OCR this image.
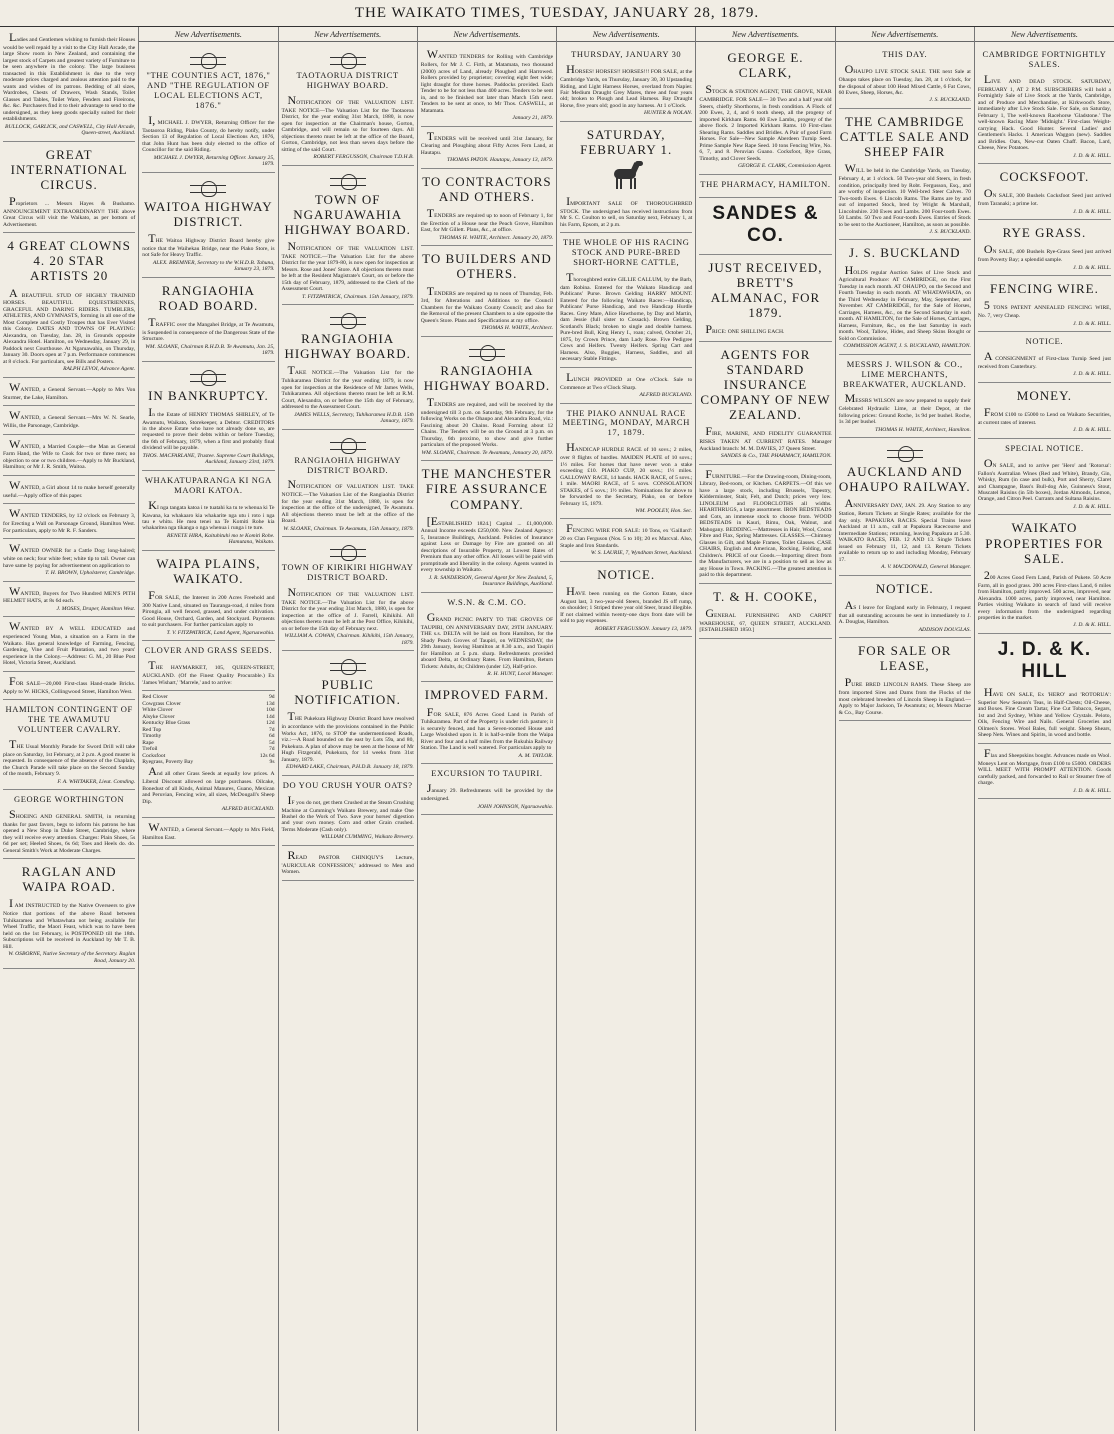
THE WAIKATO TIMES, TUESDAY, JANUARY 28, 1879.
Ladies and Gentlemen wishing to furnish their Houses would be well repaid by a visit to the City Hall Arcade, the large Show room in New Zealand, and containing the largest stock of Carpets and greatest variety of Furniture to be seen anywhere in the colony. The large business transacted in this Establishment is due to the very moderate prices charged and zealous attention paid to the wants and wishes of its patrons. Bedding of all sizes, Wardrobes, Chests of Drawers, Wash Stands, Toilet Glasses and Tables, Toilet Ware, Fenders and Fireirons, &c. &c. Purchasers find it to their advantage to send to the undersigned, as they keep goods specially suited for their establishments.
BULLOCK, GARLICK, and CASWELL, City Hall Arcade, Queen-street, Auckland.
GREAT INTERNATIONAL CIRCUS.
Proprietors ... Messrs Hayes & Bushamo. ANNOUNCEMENT EXTRAORDINARY!! THE above Great Circus will visit the Waikato, as per bottom of Advertisement.
4 GREAT CLOWNS 4. 20 STAR ARTISTS 20
A BEAUTIFUL STUD OF HIGHLY TRAINED HORSES. BEAUTIFUL EQUESTRIENNES, GRACEFUL AND DARING RIDERS. TUMBLERS, ATHLETES, AND GYMNASTS, forming in all one of the Most Complete and Costly Troupes that has Ever Visited this Colony. DATES AND TOWNS OF PLAYING: Alexandra, on Tuesday, Jan. 28, in Grounds opposite Alexandra Hotel. Hamilton, on Wednesday, January 29, in Paddock next Courthouse. At Ngaruawahia, on Thursday, January 30. Doors open at 7 p.m. Performance commences at 8 o'clock. For particulars, see Bills and Posters.
RALPH LEVOI, Advance Agent.
WANTED, a General Servant.—Apply to Mrs Von Sturmer, the Lake, Hamilton.
WANTED, a General Servant.—Mrs W. N. Searle, Willis, the Parsonage, Cambridge.
WANTED, a Married Couple—the Man as General Farm Hand, the Wife to Cook for two or three men; no objection to one or two children.—Apply to Mr Buckland, Hamilton; or Mr J. R. Smith, Waitoa.
WANTED, a Girl about 14 to make herself generally useful.—Apply office of this paper.
WANTED TENDERS, by 12 o'clock on February 3, for Erecting a Wall on Parsonage Ground, Hamilton West. For particulars, apply to Mr R. F. Sanders.
WANTED OWNER for a Cattle Dog; long-haired; white on neck; four white feet; white tip to tail. Owner can have same by paying for advertisement on application to
T. H. BROWN, Upholsterer, Cambridge.
WANTED, Buyers for Two Hundred MEN'S PITH HELMET HATS, at 8s 6d each.
J. MOSES, Draper, Hamilton West.
WANTED BY A WELL EDUCATED and experienced Young Man, a situation on a Farm in the Waikato. Has general knowledge of Farming, Fencing, Gardening, Vine and Fruit Plantation, and two years' experience in the Colony.—Address: G. M., 20 Blue Post Hotel, Victoria Street, Auckland.
FOR SALE—20,000 First-class Hand-made Bricks. Apply to W. HICKS, Collingwood Street, Hamilton West.
HAMILTON CONTINGENT OF THE TE AWAMUTU VOLUNTEER CAVALRY.
THE Usual Monthly Parade for Sword Drill will take place on Saturday, 1st February, at 2 p.m. A good muster is requested. In consequence of the absence of the Chaplain, the Church Parade will take place on the Second Sunday of the month, February 9.
F. A. WHITAKER, Lieut. Comding.
GEORGE WORTHINGTON
SHOEING AND GENERAL SMITH, in returning thanks for past favors, begs to inform his patrons he has opened a New Shop in Duke Street, Cambridge, where they will receive every attention. Charges: Plain Shoes, 5s 6d per set; Heeled Shoes, 6s 6d; Toes and Heels do. do. General Smith's Work at Moderate Charges.
RAGLAN AND WAIPA ROAD.
I AM INSTRUCTED by the Native Overseers to give Notice that portions of the above Road between Tuhikaramea and Whatawhata not being available for Wheel Traffic, the Maori Feast, which was to have been held on the 1st February, is POSTPONED till the 18th. Subscriptions will be received in Auckland by Mr T. B. Hill.
W. OSBORNE, Native Secretary of the Secretary. Raglan Road, January 20.
New Advertisements.
"THE COUNTIES ACT, 1876," AND "THE REGULATION OF LOCAL ELECTIONS ACT, 1876."
I, MICHAEL J. DWYER, Returning Officer for the Taotaoroa Riding, Piako County, do hereby notify, under Section 13 of Regulation of Local Elections Act, 1876, that John Hunt has been duly elected to the office of Councillor for the said Riding.
MICHAEL J. DWYER, Returning Officer. January 25, 1879.
WAITOA HIGHWAY DISTRICT.
THE Waitoa Highway District Board hereby give notice that the Waihekau Bridge, near the Piako Store, is not Safe for Heavy Traffic.
ALEX. BREMNER, Secretary to the W.H.D.B. Tahuna, January 23, 1879.
RANGIAOHIA ROAD BOARD.
TRAFFIC over the Mangahei Bridge, at Te Awamutu, is Suspended in consequence of the Dangerous State of the Structure.
WM. SLOANE, Chairman R.H.D.B. Te Awamutu, Jan. 25, 1879.
IN BANKRUPTCY.
In the Estate of HENRY THOMAS SHIRLEY, of Te Awamutu, Waikato, Storekeeper, a Debtor. CREDITORS in the above Estate who have not already done so, are requested to prove their debts within or before Tuesday, the 6th of February, 1879, when a first and probably final dividend will be payable.
THOS. MACFARLANE, Trustee. Supreme Court Buildings, Auckland, January 23rd, 1879.
WHAKATUPARANGA KI NGA MAORI KATOA.
KI nga tangata katoa i te tuatahi ka tu te whenua ki Te Kawana, ka whakaaro kia whakarite nga utu i roto i nga tau e whitu. He mea tenei na Te Komiti Rohe kia whakaritea nga tikanga o nga whenua i runga i te ture.
RENETE HIRA, Kaituhituhi mo te Komiti Rohe. Hamutana, Waikato.
WAIPA PLAINS, WAIKATO.
FOR SALE, the Interest in 200 Acres Freehold and 300 Native Land, situated on Tauranga-road, 4 miles from Pirongia, all well fenced, grassed, and under cultivation. Good House, Orchard, Garden, and Stockyard. Payments to suit purchasers. For further particulars apply to
T. V. FITZPATRICK, Land Agent, Ngaruawahia.
CLOVER AND GRASS SEEDS.
THE HAYMARKET, 105, QUEEN-STREET, AUCKLAND. (Of the Finest Quality Procurable.) Ex 'James Wishart,' 'Marrele,' and to arrive:
Red Clover	9d
Cowgrass Clover	13d
White Clover	10d
Alsyke Clover	14d
Kentucky Blue Grass	12d
Red Top	7d
Timothy	6d
Rape	5d
Trefoil	7d
Cocksfoot	12s 6d
Ryegrass, Poverty Bay	9s
And all other Grass Seeds at equally low prices. A Liberal Discount allowed on large purchases. Oilcake, Bonedust of all Kinds, Animal Manures, Guano, Mexican and Peruvian, Fencing wire, all sizes, McDougall's Sheep Dip.
ALFRED BUCKLAND.
WANTED, a General Servant.—Apply to Mrs Field, Hamilton East.
New Advertisements.
TAOTAORUA DISTRICT HIGHWAY BOARD.
NOTIFICATION OF THE VALUATION LIST. TAKE NOTICE—The Valuation List for the Taotaoroa District, for the year ending 31st March, 1880, is now open for inspection at the Chairman's house, Gorton, Cambridge, and will remain so for fourteen days. All objections thereto must be left at the office of the Board, Gorton, Cambridge, not less than seven days before the sitting of the said Court.
ROBERT FERGUSSON, Chairman T.D.H.B.
TOWN OF NGARUAWAHIA HIGHWAY BOARD.
NOTIFICATION OF THE VALUATION LIST. TAKE NOTICE.—The Valuation List for the above District for the year 1879-80, is now open for inspection at Messrs. Rose and Jones' Store. All objections thereto must be left at the Resident Magistrate's Court, on or before the 15th day of February, 1879, addressed to the Clerk of the Assessment Court.
T. FITZPATRICK, Chairman. 15th January, 1879.
RANGIAOHIA HIGHWAY BOARD.
TAKE NOTICE.—The Valuation List for the Tuhikaramea District for the year ending 1879, is now open for inspection at the Residence of Mr James Wells, Tuhikaramea. All objections thereto must be left at R.M. Court, Alexandra, on or before the 15th day of February, addressed to the Assessment Court.
JAMES WELLS, Secretary, Tuhikaramea H.D.B. 15th January, 1879.
RANGIAOHIA HIGHWAY DISTRICT BOARD.
NOTIFICATION OF VALUATION LIST. TAKE NOTICE.—The Valuation List of the Rangiaohia District for the year ending 31st March, 1880, is open for inspection at the office of the undersigned, Te Awamutu. All objections thereto must be left at the office of the Board.
W. SLOANE, Chairman. Te Awamutu, 15th January, 1879.
TOWN OF KIRIKIRI HIGHWAY DISTRICT BOARD.
NOTIFICATION OF THE VALUATION LIST. TAKE NOTICE.—The Valuation List for the above District for the year ending 31st March, 1880, is open for inspection at the office of J. Farrell, Kihikihi. All objections thereto must be left at the Post Office, Kihikihi, on or before the 15th day of February next.
WILLIAM A. COWAN, Chairman. Kihikihi, 15th January, 1879.
PUBLIC NOTIFICATION.
THE Pukekura Highway District Board have resolved in accordance with the provisions contained in the Public Works Act, 1876, to STOP the undermentioned Roads, viz.:—A Road bounded on the east by Lots 59a, and 80, Pukekura. A plan of above may be seen at the house of Mr Hugh Fitzgerald, Pukekura, for 14 weeks from 31st January, 1879.
EDWARD LAKE, Chairman, P.H.D.B. January 18, 1879.
DO YOU CRUSH YOUR OATS?
IF you do not, get them Crushed at the Steam Crushing Machine at Cumming's Waikato Brewery, and make One Bushel do the Work of Two. Save your horses' digestion and your own money. Corn and other Grain crushed. Terms Moderate (Cash only).
WILLIAM CUMMING, Waikato Brewery.
READ PASTOR CHINIQUY'S Lecture, 'AURICULAR CONFESSION,' addressed to Men and Women.
New Advertisements.
WANTED TENDERS for Rolling with Cambridge Rollers, for Mr J. C. Firth, at Matamata, two thousand (2000) acres of Land, already Ploughed and Harrowed. Rollers provided by proprietor; covering eight feet wide; light draught for three horses. Paddocks provided. Each Tender to be for not less than 400 acres. Tenders to be sent in, and to be finished not later than March 15th next. Tenders to be sent at once, to Mr Thos. CASWELL, at Matamata.
January 21, 1879.
TENDERS will be received until 31st January, for Clearing and Ploughing about Fifty Acres Fern Land, at Hautapu.
THOMAS PATON. Hautapu, January 13, 1879.
TO CONTRACTORS AND OTHERS.
TENDERS are required up to noon of February 1, for the Erection of a House near the Peach Grove, Hamilton East, for Mr Gillett. Plans, &c., at office.
THOMAS H. WHITE, Architect. January 20, 1879.
TO BUILDERS AND OTHERS.
TENDERS are required up to noon of Thursday, Feb. 3rd, for Alterations and Additions to the Council Chambers for the Waikato County Council; and also for the Removal of the present Chambers to a site opposite the Queen's Store. Plans and Specifications at my office.
THOMAS H. WHITE, Architect.
RANGIAOHIA HIGHWAY BOARD.
TENDERS are required, and will be received by the undersigned till 3 p.m. on Saturday, 9th February, for the following Works on the Ohaupo and Alexandra Road, viz.: Fascining about 20 Chains. Road Forming about 12 Chains. The Tenders will be on the Ground at 3 p.m. on Thursday, 6th proximo, to show and give further particulars of the proposed Works.
WM. SLOANE, Chairman. Te Awamutu, January 20, 1879.
THE MANCHESTER FIRE ASSURANCE COMPANY.
[ESTABLISHED 1824.] Capital ... £1,000,000. Annual Income exceeds £250,000. New Zealand Agency: 5, Insurance Buildings, Auckland. Policies of Insurance against Loss or Damage by Fire are granted on all descriptions of Insurable Property, at Lowest Rates of Premium than any other office. All losses will be paid with promptitude and liberality in the colony. Agents wanted in every township in Waikato.
J. R. SANDERSON, General Agent for New Zealand, 5, Insurance Buildings, Auckland.
W.S.N. & C.M. CO.
GRAND PICNIC PARTY TO THE GROVES OF TAUPIRI, ON ANNIVERSARY DAY, 29TH JANUARY. THE s.s. DELTA will be laid on from Hamilton, for the Shady Peach Groves of Taupiri, on WEDNESDAY, the 29th January, leaving Hamilton at 8.30 a.m., and Taupiri for Hamilton at 5 p.m. sharp. Refreshments provided aboard Delta, at Ordinary Rates. From Hamilton, Return Tickets: Adults, 4s; Children (under 12), Half-price.
R. H. HUNT, Local Manager.
IMPROVED FARM.
FOR SALE, 876 Acres Good Land in Parish of Tuhikaramea. Part of the Property is under rich pasture; it is securely fenced, and has a Seven-roomed House and Large Woolshed upon it. It is half-a-mile from the Waipa River and four and a half miles from the Rukuhia Railway Station. The Land is well watered. For particulars apply to
A. M. TAYLOR.
EXCURSION TO TAUPIRI.
January 29. Refreshments will be provided by the undersigned.
JOHN JOHNSON, Ngaruawahia.
New Advertisements.
THURSDAY, JANUARY 30
HORSES! HORSES!! HORSES!!! FOR SALE, at the Cambridge Yards, on Thursday, January 30, 30 Upstanding Riding, and Light Harness Horses, overland from Napier. Fair Medium Draught Grey Mares, three and four years old; broken to Plough and Lead Harness. Bay Draught Horse, five years old; good in any harness. At 1 o'Clock.
HUNTER & NOLAN.
SATURDAY, FEBRUARY 1.
IMPORTANT SALE OF THOROUGHBRED STOCK. The undersigned has received instructions from Mr S. C. Coulton to sell, on Saturday next, February 1, at his Farm, Epsom, at 2 p.m.
THE WHOLE OF HIS RACING STOCK AND PURE-BRED SHORT-HORNE CATTLE,
Thoroughbred entire GILLIE CALLUM, by the Barb, dam Robina. Entered for the Waikato Handicap and Publicans' Purse. Brown Gelding HARRY MOUNT. Entered for the following Waikato Races:—Handicap, Publicans' Purse Handicap, and two Handicap Hurdle Races. Grey Mare, Alice Hawthorne, by Day and Martin, dam Jessie (full sister to Cossack). Brown Gelding, Scotland's Black; broken to single and double harness. Pure-bred Bull, King Henry I., roan; calved, October 21, 1875, by Crown Prince, dam Lady Rose. Five Pedigree Cows and Heifers. Twenty Heifers. Spring Cart and Harness. Also, Buggies, Harness, Saddles, and all necessary Stable Fittings.
LUNCH PROVIDED at One o'Clock. Sale to Commence at Two o'Clock Sharp.
ALFRED BUCKLAND.
THE PIAKO ANNUAL RACE MEETING, MONDAY, MARCH 17, 1879.
HANDICAP HURDLE RACE of 10 sovs.; 2 miles, over 8 flights of hurdles. MAIDEN PLATE of 10 sovs.; 1½ miles. For horses that have never won a stake exceeding £10. PIAKO CUP, 20 sovs.; 1½ miles. GALLOWAY RACE, 14 hands. HACK RACE, of 5 sovs.; 1 mile. MAORI RACE, of 5 sovs. CONSOLATION STAKES, of 5 sovs.; 1½ miles. Nominations for above to be forwarded to the Secretary, Piako, on or before February 15, 1879.
WM. POOLEY, Hon. Sec.
FENCING WIRE FOR SALE: 10 Tons, ex 'Gaillard': 20 ex Clan Ferguson (Nos. 5 to 10); 20 ex Marcval. Also, Staple and Iron Standards.
W. S. LAURIE, 7, Wyndham Street, Auckland.
NOTICE.
HAVE been running on the Gorton Estate, since August last, 3 two-year-old Steers, branded JS off rump, on shoulder; 1 Striped three year old Steer, brand illegible. If not claimed within twenty-one days from date will be sold to pay expenses.
ROBERT FERGUSSON. January 13, 1879.
New Advertisements.
GEORGE E. CLARK,
STOCK & STATION AGENT, THE GROVE, NEAR CAMBRIDGE. FOR SALE— 30 Two and a half year old Steers, chiefly Shorthorns, in fresh condition. A Flock of 200 Ewes, 2, 4, and 6 tooth sheep, all the progeny of imported Kirkham Rams. 60 Ewe Lambs, progeny of the above flock. 2 Imported Kirkham Rams. 10 First-class Shearing Rams. Saddles and Bridles. A Pair of good Farm Horses. For Sale—New Sample Aberdeen Turnip Seed. Prime Sample New Rape Seed. 10 tons Fencing Wire, No. 6, 7, and 8. Peruvian Guano. Cocksfoot, Rye Grass, Timothy, and Clover Seeds.
GEORGE E. CLARK, Commission Agent.
THE PHARMACY, HAMILTON.
SANDES & CO.
JUST RECEIVED, BRETT'S ALMANAC, FOR 1879.
PRICE: ONE SHILLING EACH.
AGENTS FOR STANDARD INSURANCE COMPANY OF NEW ZEALAND.
FIRE, MARINE, AND FIDELITY GUARANTEE RISKS TAKEN AT CURRENT RATES. Manager Auckland branch: M. M. DAVIES, 27 Queen Street.
SANDES & Co., THE PHARMACY, HAMILTON.
FURNITURE.—For the Drawing-room, Dining-room, Library, Bed-room, or Kitchen. CARPETS.—Of this we have a large stock, including Brussels, Tapestry, Kidderminster, Stair, Felt, and Dutch; prices very low. LINOLEUM and FLOORCLOTHS all widths. HEARTHRUGS, a large assortment. IRON BEDSTEADS and Cots, an immense stock to choose from. WOOD BEDSTEADS in Kauri, Rimu, Oak, Walnut, and Mahogany. BEDDING.—Mattresses in Hair, Wool, Cocoa Fibre and Flax, Spring Mattresses. GLASSES.—Chimney Glasses in Gilt, and Maple Frames, Toilet Glasses. CASE CHAIRS, English and American, Rocking, Folding, and Children's. PRICE of our Goods.—Importing direct from the Manufacturers, we are in a position to sell as low as any House in Town. PACKING.—The greatest attention is paid to this department.
T. & H. COOKE,
GENERAL FURNISHING AND CARPET WAREHOUSE, 67, QUEEN STREET, AUCKLAND. [ESTABLISHED 1850.]
New Advertisements.
THIS DAY.
OHAUPO LIVE STOCK SALE. THE next Sale at Ohaupo takes place on Tuesday, Jan. 28, at 1 o'clock, for the disposal of about 100 Head Mixed Cattle, 6 Fat Cows, 60 Ewes, Sheep, Horses, &c.
J. S. BUCKLAND.
THE CAMBRIDGE CATTLE SALE AND SHEEP FAIR
WILL be held in the Cambridge Yards, on Tuesday, February 4, at 1 o'clock. 50 Two-year old Steers, in fresh condition, principally bred by Robt. Fergusson, Esq., and are worthy of inspection. 10 Well-bred Steer Calves. 70 Two-tooth Ewes. 6 Lincoln Rams. The Rams are by and out of imported Stock, bred by Wright & Marshall, Lincolnshire. 230 Ewes and Lambs. 200 Four-tooth Ewes. 50 Lambs. 50 Two and Four-tooth Ewes. Entries of Stock to be sent to the Auctioneer, Hamilton, as soon as possible.
J. S. BUCKLAND.
J. S. BUCKLAND
HOLDS regular Auction Sales of Live Stock and Agricultural Produce: AT CAMBRIDGE, on the First Tuesday in each month. AT OHAUPO, on the Second and Fourth Tuesday in each month. AT WHATAWHATA, on the Third Wednesday in February, May, September, and November. AT CAMBRIDGE, for the Sale of Horses, Carriages, Harness, &c., on the Second Saturday in each month. AT HAMILTON, for the Sale of Horses, Carriages, Harness, Furniture, &c., on the last Saturday in each month. Wool, Tallow, Hides, and Sheep Skins Bought or Sold on Commission.
COMMISSION AGENT, J. S. BUCKLAND, HAMILTON.
MESSRS J. WILSON & CO., LIME MERCHANTS, BREAKWATER, AUCKLAND.
MESSRS WILSON are now prepared to supply their Celebrated Hydraulic Lime, at their Depot, at the following prices: Ground Roche, 1s 9d per bushel. Roche, 1s 3d per bushel.
THOMAS H. WHITE, Architect, Hamilton.
AUCKLAND AND OHAUPO RAILWAY.
ANNIVERSARY DAY, JAN. 29. Any Station to any Station, Return Tickets at Single Rates; available for the day only. PAPAKURA RACES. Special Trains leave Auckland at 11 a.m., call at Papakura Racecourse and Intermediate Stations; returning, leaving Papakura at 5.30. WAIKATO RACES, FEB. 12 AND 13. Single Tickets issued on February 11, 12, and 13. Return Tickets available to return up to and including Monday, February 17.
A. V. MACDONALD, General Manager.
NOTICE.
AS I leave for England early in February, I request that all outstanding accounts be sent in immediately to J. A. Douglas, Hamilton.
ADDISON DOUGLAS.
FOR SALE OR LEASE,
PURE BRED LINCOLN RAMS. These Sheep are from imported Sires and Dams from the Flocks of the most celebrated breeders of Lincoln Sheep in England.—Apply to Major Jackson, Te Awamutu; or, Messrs Macrae & Co., Bay Course.
New Advertisements.
CAMBRIDGE FORTNIGHTLY SALES.
LIVE AND DEAD STOCK. SATURDAY, FEBRUARY 1, AT 2 P.M. SUBSCRIBERS will hold a Fortnightly Sale of Live Stock at the Yards, Cambridge, and of Produce and Merchandise, at Kirkwood's Store, immediately after Live Stock Sale. For Sale, on Saturday, February 1, The well-known Racehorse 'Gladstone.' The well-known Racing Mare 'Midnight.' First-class Weight-carrying Hack. Good Hunter. Several Ladies' and Gentlemen's Hacks. 1 American Waggon (new). Saddles and Bridles. Oats, New-cut Oaten Chaff. Bacon, Lard, Cheese, New Potatoes.
J. D. & K. HILL.
COCKSFOOT.
ON SALE, 300 Bushels Cocksfoot Seed just arrived from Taranaki; a prime lot.
J. D. & K. HILL.
RYE GRASS.
ON SALE, 400 Bushels Rye-Grass Seed just arrived from Poverty Bay; a splendid sample.
J. D. & K. HILL.
FENCING WIRE.
5 TONS PATENT ANNEALED FENCING WIRE, No. 7, very Cheap.
J. D. & K. HILL.
NOTICE.
A CONSIGNMENT of First-class Turnip Seed just received from Canterbury.
J. D. & K. HILL.
MONEY.
FROM £100 to £5000 to Lend on Waikato Securities, at current rates of interest.
J. D. & K. HILL.
SPECIAL NOTICE.
ON SALE, and to arrive per 'Hero' and 'Rotorua': Fallon's Australian Wines (Red and White), Brandy, Gin, Whisky, Rum (in case and bulk), Port and Sherry, Claret and Champagne, Bass's Bull-dog Ale, Guinness's Stout, Muscatel Raisins (in 5lb boxes), Jordan Almonds, Lemon, Orange, and Citron Peel. Currants and Sultana Raisins.
J. D. & K. HILL.
WAIKATO PROPERTIES FOR SALE.
200 Acres Good Fern Land, Parish of Pukete. 50 Acre Farm, all in good grass. 200 acres First-class Land, 6 miles from Hamilton, partly improved. 500 acres, improved, near Alexandra. 1000 acres, partly improved, near Hamilton. Parties visiting Waikato in search of land will receive every information from the undersigned regarding properties in the market.
J. D. & K. HILL.
J. D. & K. HILL
HAVE ON SALE, Ex 'HERO' and 'ROTORUA': Superior New Season's Teas, in Half-Chests; Oil-Cheese, and Boxes. Fine Cream Tartar, Fine Cut Tobacco, Segars, 1st and 2nd Sydney, White and Yellow Crystals. Peloto, Oils, Fencing Wire and Nails. General Groceries and Oilmen's Stores. Wool Bales, full weight. Sheep Shears, Sheep Nets. Wines and Spirits, in wood and bottle.
Flax and Sheepskins bought. Advances made on Wool. Moneys Lent on Mortgage, from £100 to £5000. ORDERS WILL MEET WITH PROMPT ATTENTION. Goods carefully packed, and forwarded to Rail or Steamer free of charge.
J. D. & K. HILL.
